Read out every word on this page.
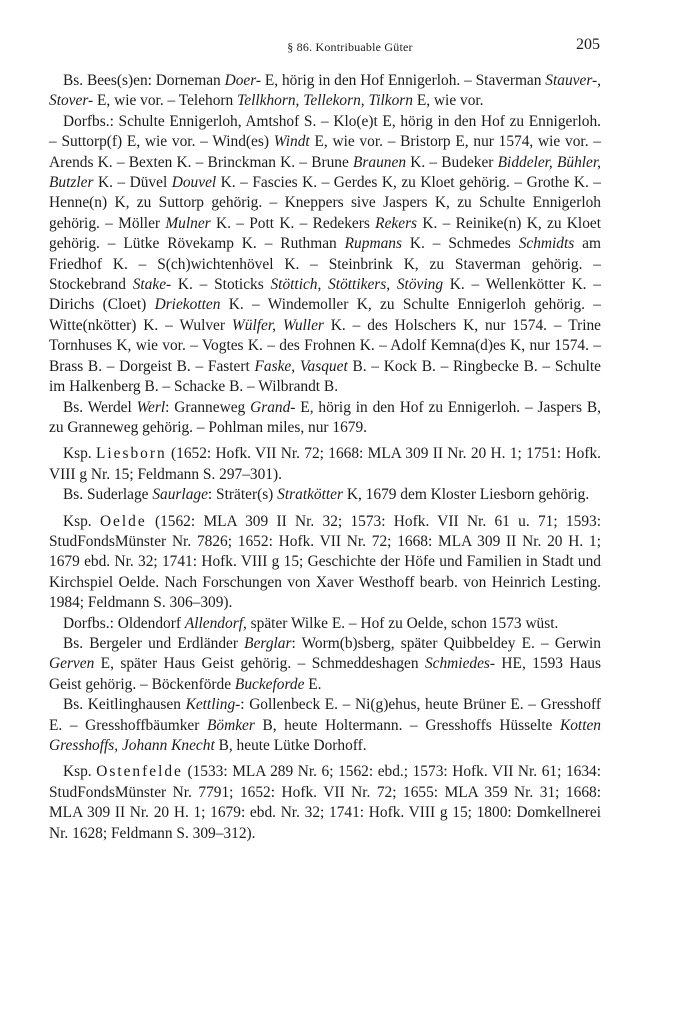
§ 86. Kontribuable Güter	205

Bs. Bees(s)en: Dorneman Doer- E, hörig in den Hof Ennigerloh. – Staverman Stauver-, Stover- E, wie vor. – Telehorn Tellkhorn, Tellekorn, Tilkorn E, wie vor.

Dorfbs.: Schulte Ennigerloh, Amtshof S. – Klo(e)t E, hörig in den Hof zu Ennigerloh. – Suttorp(f) E, wie vor. – Wind(es) Windt E, wie vor. – Bristorp E, nur 1574, wie vor. – Arends K. – Bexten K. – Brinckman K. – Brune Braunen K. – Budeker Biddeler, Bühler, Butzler K. – Düvel Douvel K. – Fascies K. – Gerdes K, zu Kloet gehörig. – Grothe K. – Henne(n) K, zu Suttorp gehörig. – Kneppers sive Jaspers K, zu Schulte Ennigerloh gehörig. – Möller Mulner K. – Pott K. – Redekers Rekers K. – Reinike(n) K, zu Kloet gehörig. – Lütke Rövekamp K. – Ruthman Rupmans K. – Schmedes Schmidts am Friedhof K. – S(ch)wichtenhövel K. – Steinbrink K, zu Staverman gehörig. – Stockebrand Stake- K. – Stoticks Stöttich, Stöttikers, Stöving K. – Wellenkötter K. – Dirichs (Cloet) Driekotten K. – Windemoller K, zu Schulte Ennigerloh gehörig. – Witte(nkötter) K. – Wulver Wülfer, Wuller K. – des Holschers K, nur 1574. – Trine Tornhuses K, wie vor. – Vogtes K. – des Frohnen K. – Adolf Kemna(d)es K, nur 1574. – Brass B. – Dorgeist B. – Fastert Faske, Vasquet B. – Kock B. – Ringbecke B. – Schulte im Halkenberg B. – Schacke B. – Wilbrandt B.

Bs. Werdel Werl: Granneweg Grand- E, hörig in den Hof zu Ennigerloh. – Jaspers B, zu Granneweg gehörig. – Pohlman miles, nur 1679.

Ksp. Liesborn (1652: Hofk. VII Nr. 72; 1668: MLA 309 II Nr. 20 H. 1; 1751: Hofk. VIII g Nr. 15; Feldmann S. 297–301).

Bs. Suderlage Saurlage: Sträter(s) Stratkötter K, 1679 dem Kloster Liesborn gehörig.

Ksp. Oelde (1562: MLA 309 II Nr. 32; 1573: Hofk. VII Nr. 61 u. 71; 1593: StudFondsMünster Nr. 7826; 1652: Hofk. VII Nr. 72; 1668: MLA 309 II Nr. 20 H. 1; 1679 ebd. Nr. 32; 1741: Hofk. VIII g 15; Geschichte der Höfe und Familien in Stadt und Kirchspiel Oelde. Nach Forschungen von Xaver Westhoff bearb. von Heinrich Lesting. 1984; Feldmann S. 306–309).

Dorfbs.: Oldendorf Allendorf, später Wilke E. – Hof zu Oelde, schon 1573 wüst.

Bs. Bergeler und Erdländer Berglar: Worm(b)sberg, später Quibbeldey E. – Gerwin Gerven E, später Haus Geist gehörig. – Schmeddeshagen Schmiedes- HE, 1593 Haus Geist gehörig. – Böckenförde Buckeforde E.

Bs. Keitlinghausen Kettling-: Gollenbeck E. – Ni(g)ehus, heute Brüner E. – Gresshoff E. – Gresshoffbäumker Bömker B, heute Holtermann. – Gresshoffs Hüsselte Kotten Gresshoffs, Johann Knecht B, heute Lütke Dorhoff.

Ksp. Ostenfelde (1533: MLA 289 Nr. 6; 1562: ebd.; 1573: Hofk. VII Nr. 61; 1634: StudFondsMünster Nr. 7791; 1652: Hofk. VII Nr. 72; 1655: MLA 359 Nr. 31; 1668: MLA 309 II Nr. 20 H. 1; 1679: ebd. Nr. 32; 1741: Hofk. VIII g 15; 1800: Domkellnerei Nr. 1628; Feldmann S. 309–312).
